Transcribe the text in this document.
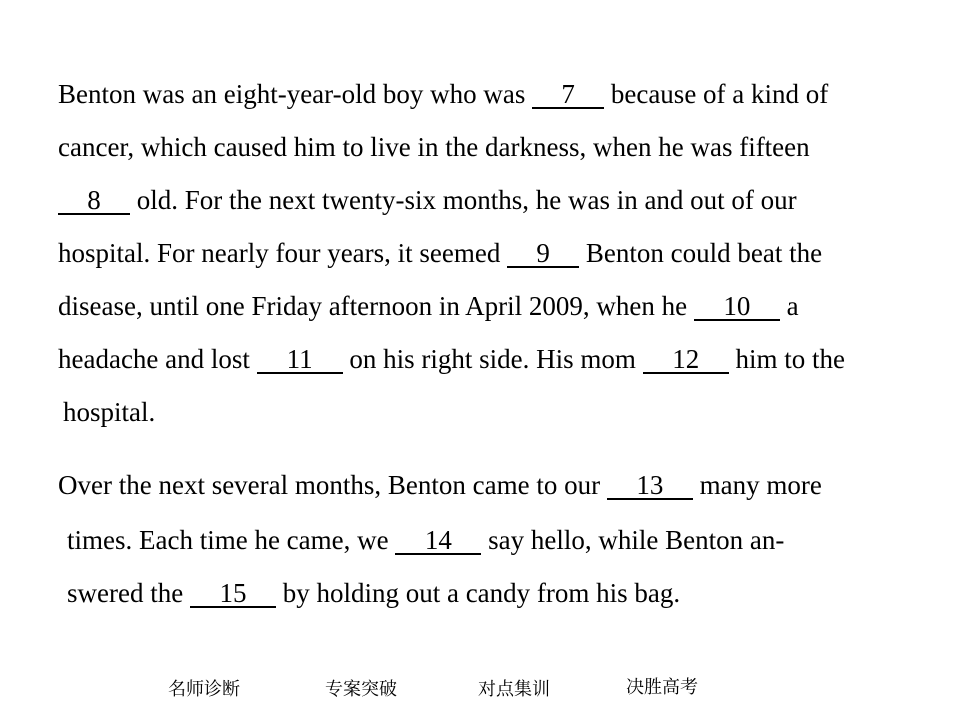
Benton was an eight-year-old boy who was 7 because of a kind of
cancer, which caused him to live in the darkness, when he was fifteen
8 old. For the next twenty-six months, he was in and out of our
hospital. For nearly four years, it seemed 9 Benton could beat the
disease, until one Friday afternoon in April 2009, when he 10 a
headache and lost 11 on his right side. His mom 12 him to the
hospital.
Over the next several months, Benton came to our 13 many more
times. Each time he came, we 14 say hello, while Benton an-
swered the 15 by holding out a candy from his bag.
名师诊断	专案突破	对点集训	决胜高考
